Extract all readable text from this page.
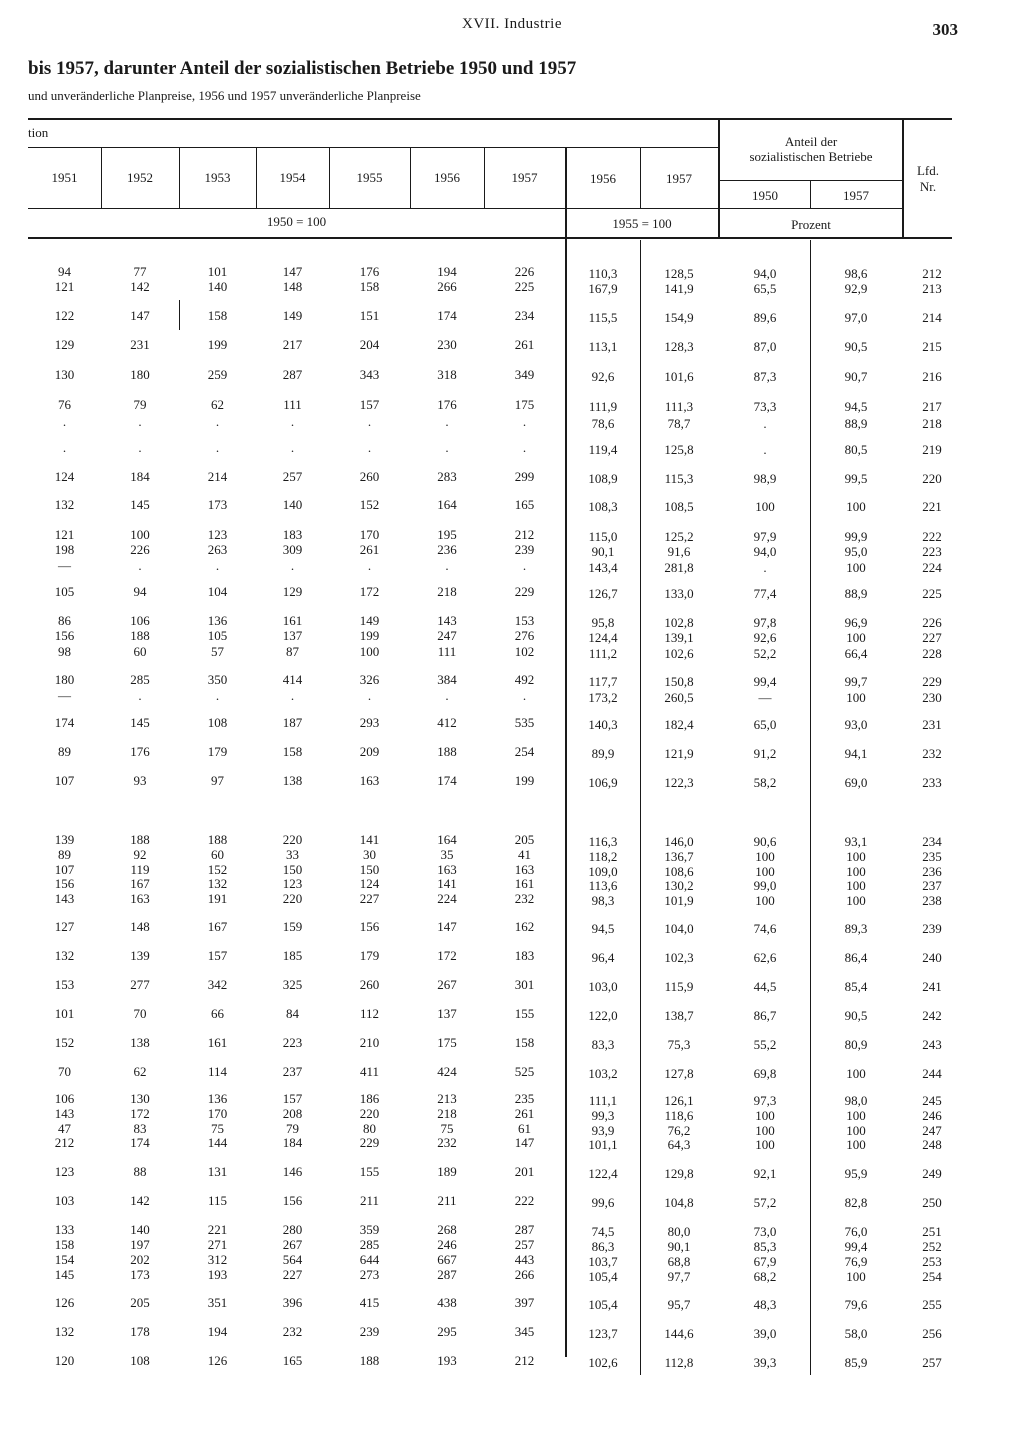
XVII. Industrie	303
bis 1957, darunter Anteil der sozialistischen Betriebe 1950 und 1957
und unveränderliche Planpreise, 1956 und 1957 unveränderliche Planpreise
tion
1951	1952	1953	1954	1955	1956	1957	1956	1957
Anteil der
sozialistischen Betriebe
1950	1957
Lfd.
Nr.
1950 = 100	1955 = 100	Prozent
94	77	101	147	176	194	226	110,3	128,5	94,0	98,6	212
121	142	140	148	158	266	225	167,9	141,9	65,5	92,9	213
122	147	158	149	151	174	234	115,5	154,9	89,6	97,0	214
129	231	199	217	204	230	261	113,1	128,3	87,0	90,5	215
130	180	259	287	343	318	349	92,6	101,6	87,3	90,7	216
76	79	62	111	157	176	175	111,9	111,3	73,3	94,5	217
.	.	.	.	.	.	.	78,6	78,7	.	88,9	218
.	.	.	.	.	.	.	119,4	125,8	.	80,5	219
124	184	214	257	260	283	299	108,9	115,3	98,9	99,5	220
132	145	173	140	152	164	165	108,3	108,5	100	100	221
121	100	123	183	170	195	212	115,0	125,2	97,9	99,9	222
198	226	263	309	261	236	239	90,1	91,6	94,0	95,0	223
—	.	.	.	.	.	.	143,4	281,8	.	100	224
105	94	104	129	172	218	229	126,7	133,0	77,4	88,9	225
86	106	136	161	149	143	153	95,8	102,8	97,8	96,9	226
156	188	105	137	199	247	276	124,4	139,1	92,6	100	227
98	60	57	87	100	111	102	111,2	102,6	52,2	66,4	228
180	285	350	414	326	384	492	117,7	150,8	99,4	99,7	229
—	.	.	.	.	.	.	173,2	260,5	—	100	230
174	145	108	187	293	412	535	140,3	182,4	65,0	93,0	231
89	176	179	158	209	188	254	89,9	121,9	91,2	94,1	232
107	93	97	138	163	174	199	106,9	122,3	58,2	69,0	233
139	188	188	220	141	164	205	116,3	146,0	90,6	93,1	234
89	92	60	33	30	35	41	118,2	136,7	100	100	235
107	119	152	150	150	163	163	109,0	108,6	100	100	236
156	167	132	123	124	141	161	113,6	130,2	99,0	100	237
143	163	191	220	227	224	232	98,3	101,9	100	100	238
127	148	167	159	156	147	162	94,5	104,0	74,6	89,3	239
132	139	157	185	179	172	183	96,4	102,3	62,6	86,4	240
153	277	342	325	260	267	301	103,0	115,9	44,5	85,4	241
101	70	66	84	112	137	155	122,0	138,7	86,7	90,5	242
152	138	161	223	210	175	158	83,3	75,3	55,2	80,9	243
70	62	114	237	411	424	525	103,2	127,8	69,8	100	244
106	130	136	157	186	213	235	111,1	126,1	97,3	98,0	245
143	172	170	208	220	218	261	99,3	118,6	100	100	246
47	83	75	79	80	75	61	93,9	76,2	100	100	247
212	174	144	184	229	232	147	101,1	64,3	100	100	248
123	88	131	146	155	189	201	122,4	129,8	92,1	95,9	249
103	142	115	156	211	211	222	99,6	104,8	57,2	82,8	250
133	140	221	280	359	268	287	74,5	80,0	73,0	76,0	251
158	197	271	267	285	246	257	86,3	90,1	85,3	99,4	252
154	202	312	564	644	667	443	103,7	68,8	67,9	76,9	253
145	173	193	227	273	287	266	105,4	97,7	68,2	100	254
126	205	351	396	415	438	397	105,4	95,7	48,3	79,6	255
132	178	194	232	239	295	345	123,7	144,6	39,0	58,0	256
120	108	126	165	188	193	212	102,6	112,8	39,3	85,9	257
